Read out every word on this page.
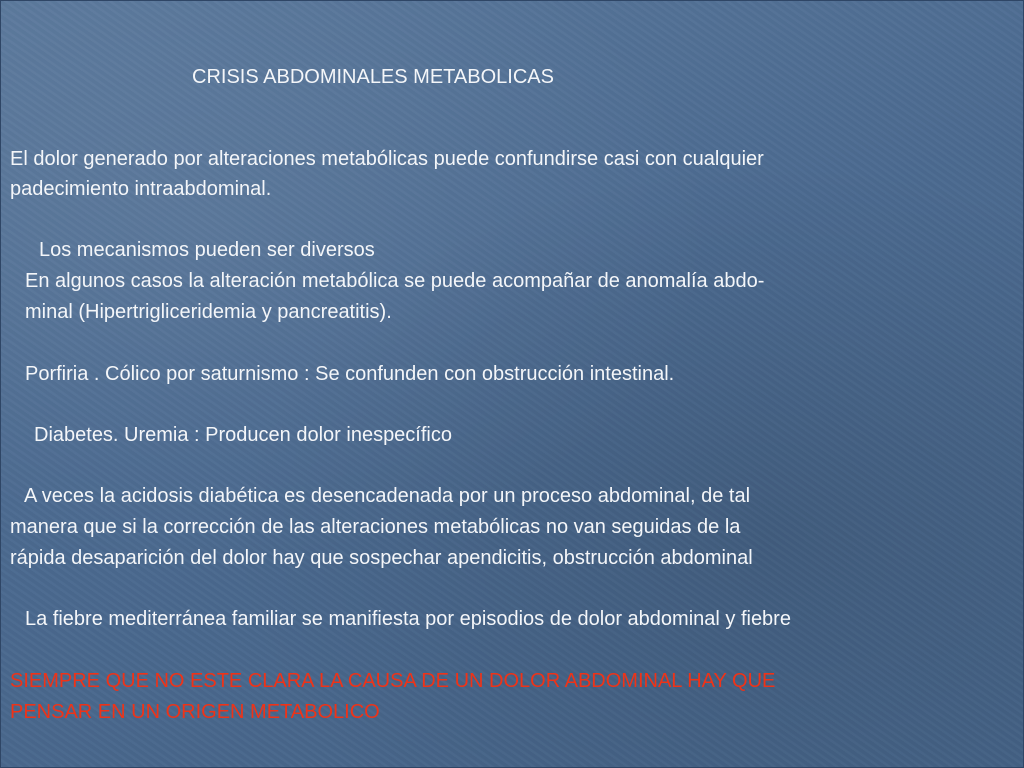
CRISIS ABDOMINALES METABOLICAS

El dolor generado por alteraciones metabólicas puede confundirse casi con cualquier

padecimiento intraabdominal.

Los mecanismos pueden ser diversos

En algunos casos la alteración metabólica se puede acompañar de anomalía abdo-

minal (Hipertrigliceridemia y pancreatitis).

Porfiria . Cólico por saturnismo : Se confunden con obstrucción intestinal.

Diabetes. Uremia : Producen dolor inespecífico

A veces la acidosis diabética es desencadenada por un proceso abdominal, de tal

manera que si la corrección de las alteraciones metabólicas no van seguidas de la

rápida desaparición del dolor hay que sospechar apendicitis, obstrucción abdominal

La fiebre mediterránea familiar se manifiesta por episodios de dolor abdominal y fiebre

SIEMPRE QUE NO ESTE CLARA LA CAUSA DE UN DOLOR ABDOMINAL HAY QUE

PENSAR EN UN ORIGEN METABOLICO
